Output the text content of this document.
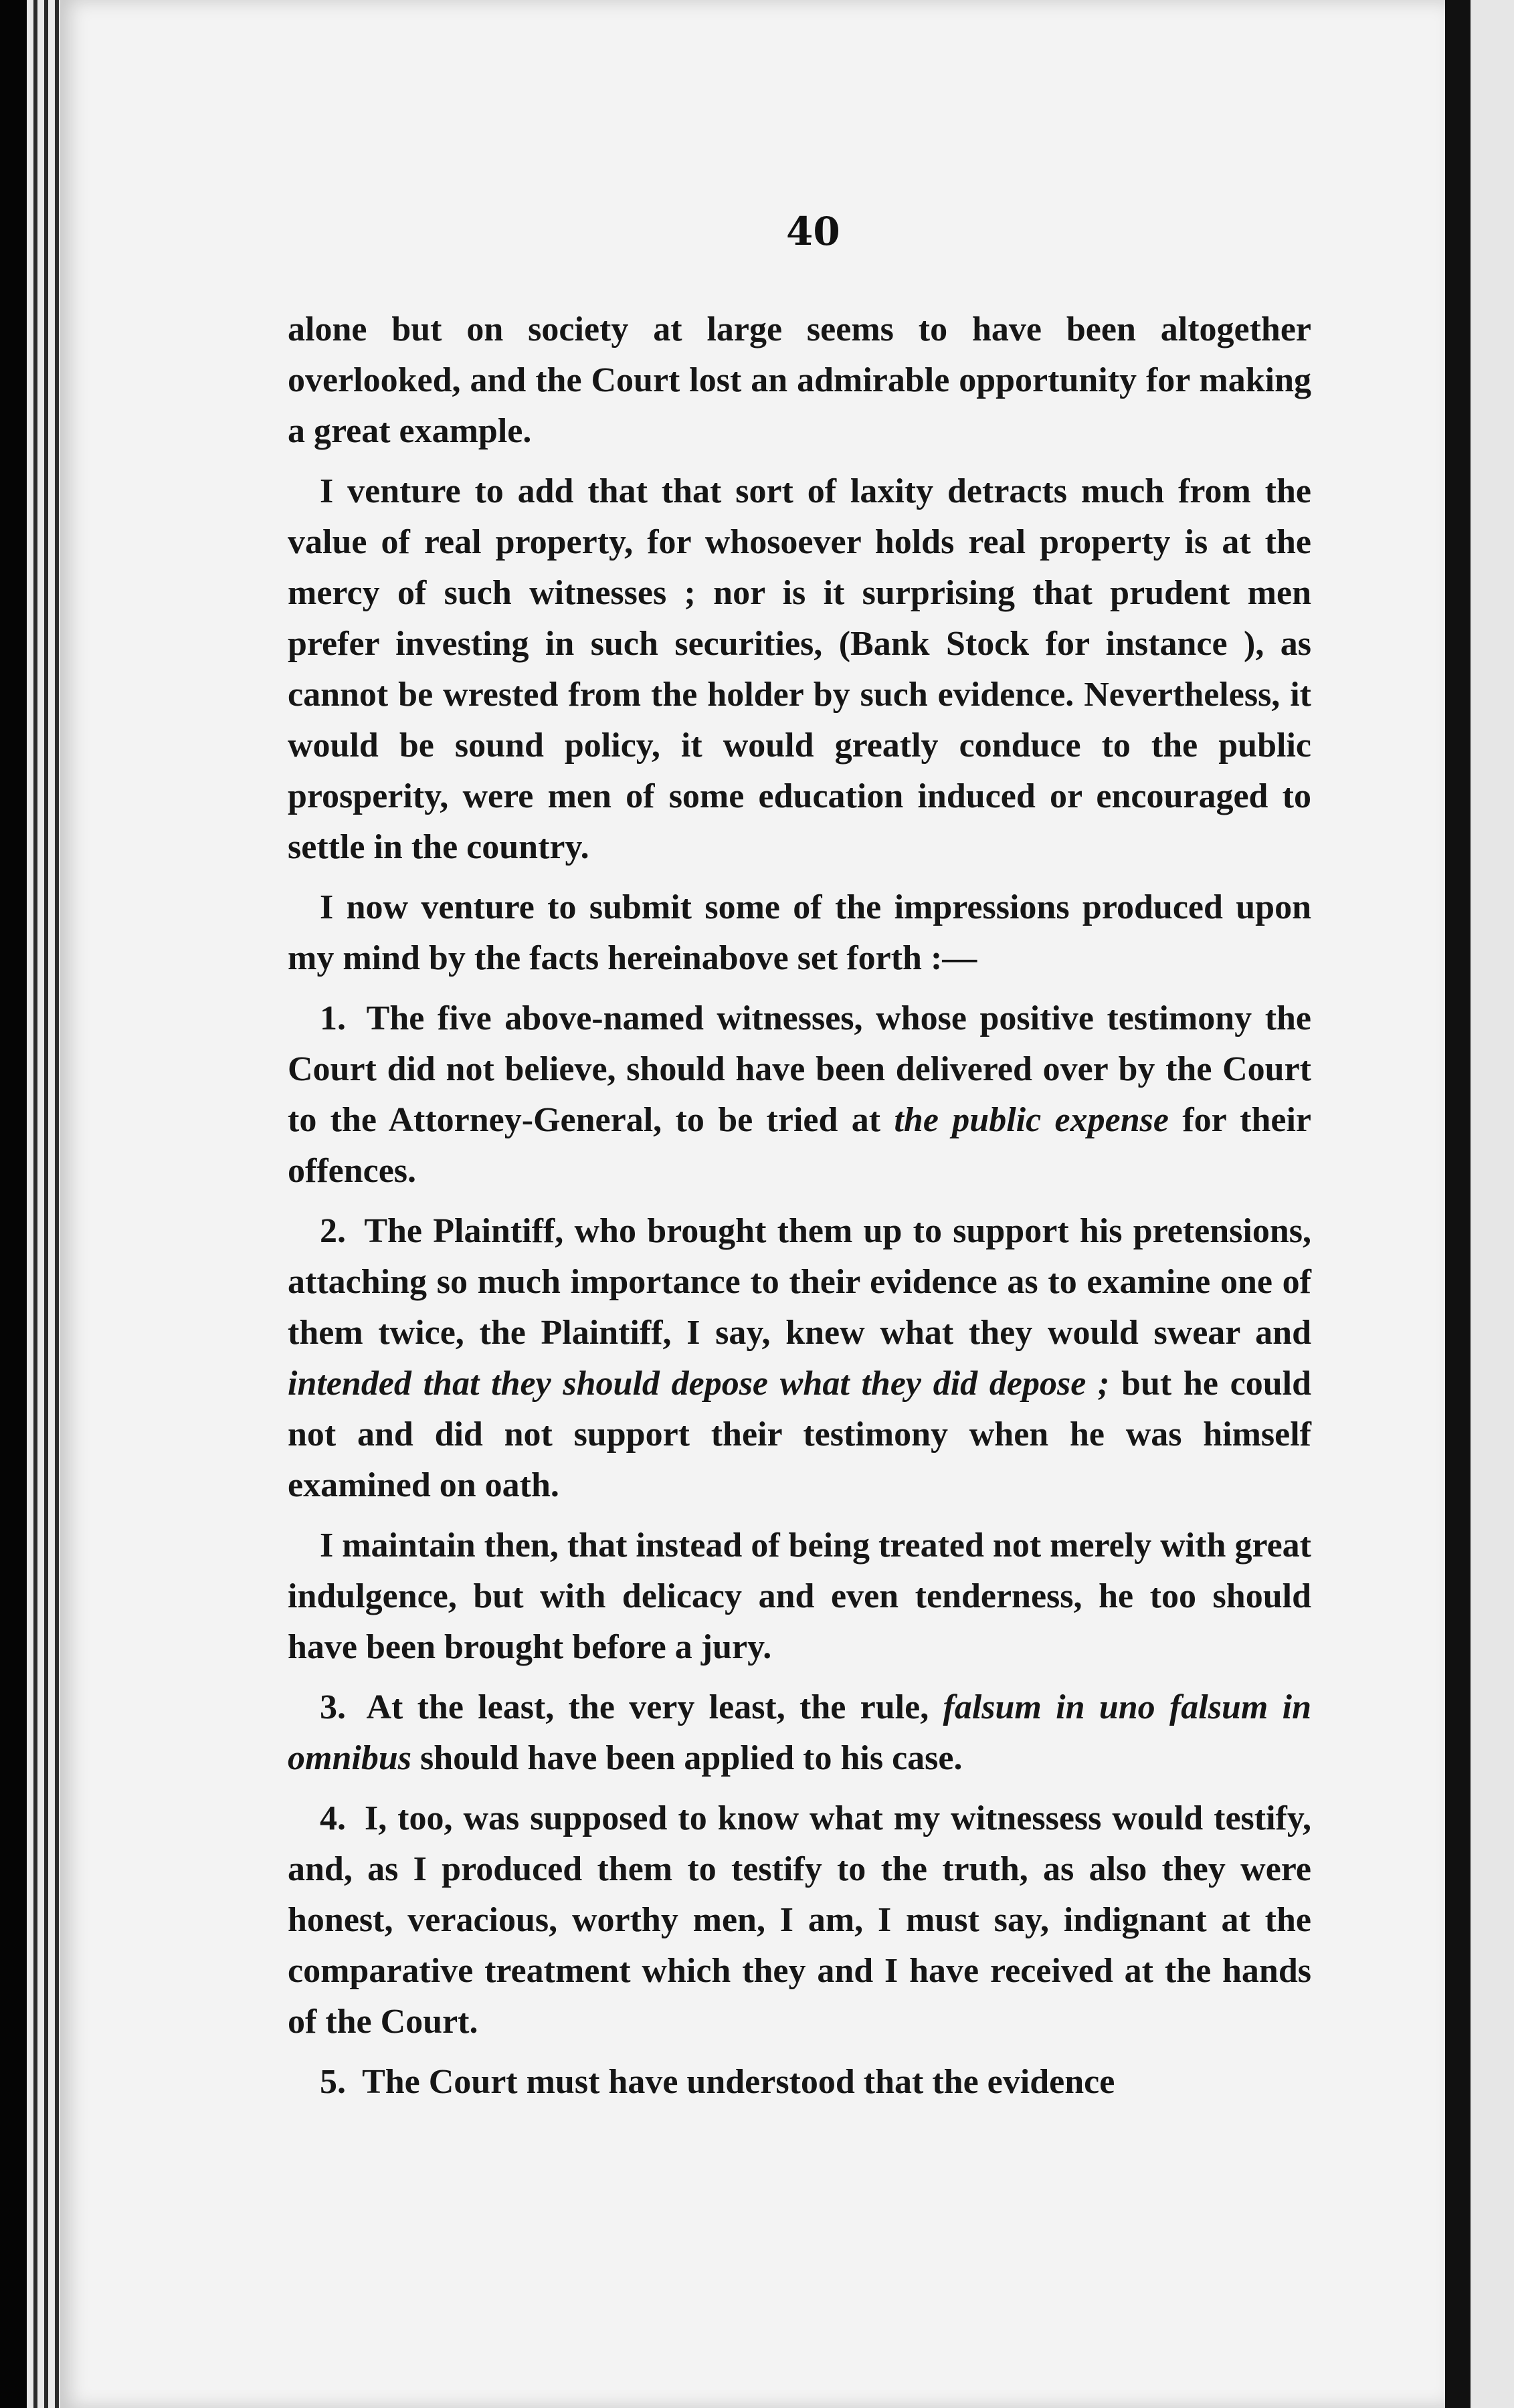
40

alone but on society at large seems to have been altogether overlooked, and the Court lost an admirable opportunity for making a great example.

I venture to add that that sort of laxity detracts much from the value of real property, for whosoever holds real property is at the mercy of such witnesses ; nor is it surprising that prudent men prefer investing in such securities, (Bank Stock for instance ), as cannot be wrested from the holder by such evidence. Nevertheless, it would be sound policy, it would greatly conduce to the public prosperity, were men of some education induced or encouraged to settle in the country.

I now venture to submit some of the impressions produced upon my mind by the facts hereinabove set forth :—

1. The five above-named witnesses, whose positive testimony the Court did not believe, should have been delivered over by the Court to the Attorney-General, to be tried at the public expense for their offences.

2. The Plaintiff, who brought them up to support his pretensions, attaching so much importance to their evidence as to examine one of them twice, the Plaintiff, I say, knew what they would swear and intended that they should depose what they did depose ; but he could not and did not support their testimony when he was himself examined on oath.

I maintain then, that instead of being treated not merely with great indulgence, but with delicacy and even tenderness, he too should have been brought before a jury.

3. At the least, the very least, the rule, falsum in uno falsum in omnibus should have been applied to his case.

4. I, too, was supposed to know what my witnessess would testify, and, as I produced them to testify to the truth, as also they were honest, veracious, worthy men, I am, I must say, indignant at the comparative treatment which they and I have received at the hands of the Court.

5. The Court must have understood that the evidence
